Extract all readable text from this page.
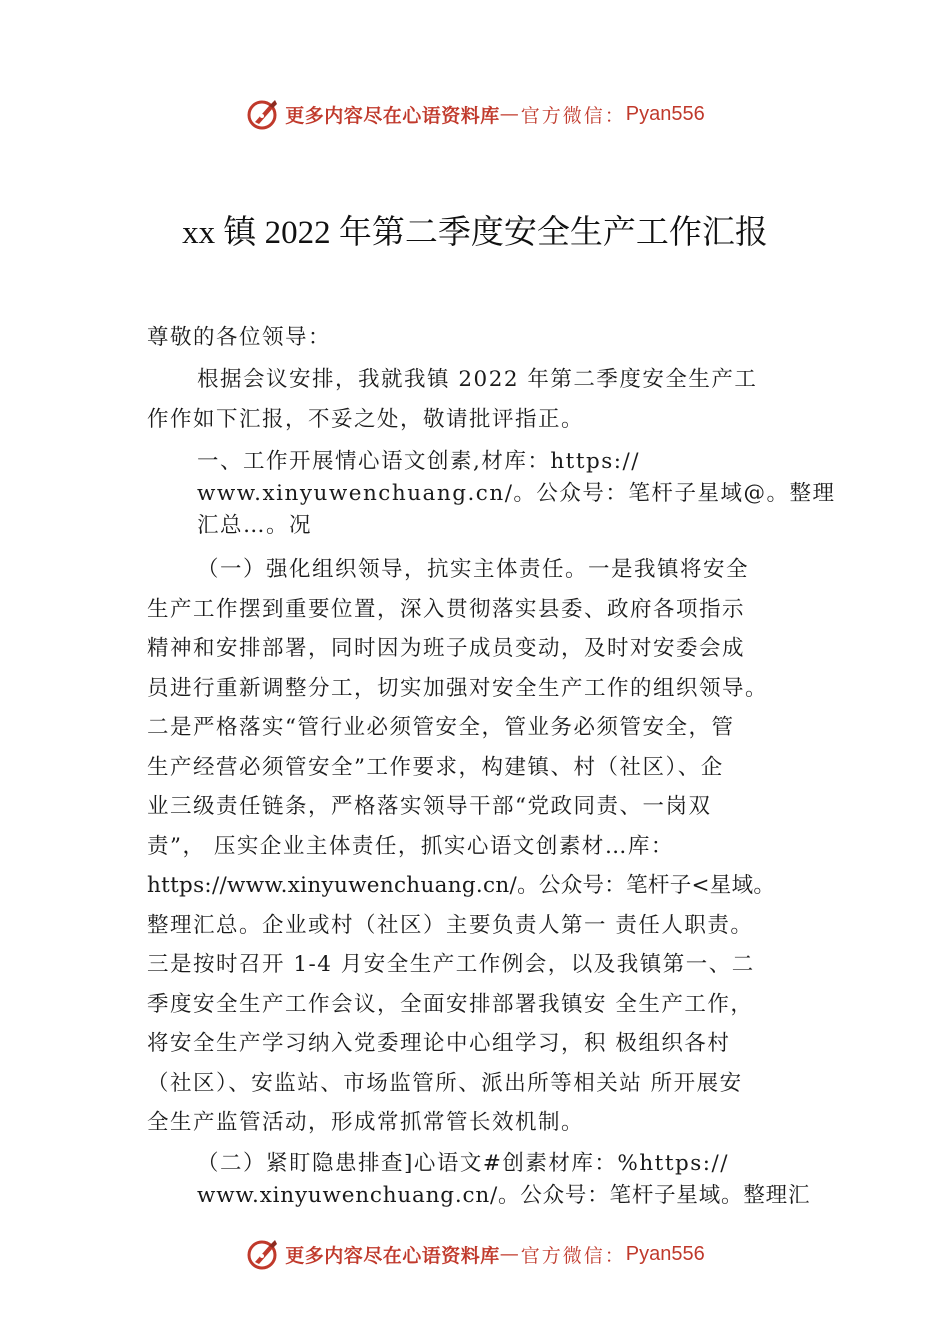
更多内容尽在心语资料库 — 官方微信： Pyan556
xx 镇 2022 年第二季度安全生产工作汇报
尊敬的各位领导：
根据会议安排，我就我镇 2022 年第二季度安全生产工
作作如下汇报，不妥之处，敬请批评指正。
一、工作开展情心语文创素,材库：https://
www.xinyuwenchuang.cn/。公众号：笔杆子星域@。整理
汇总…。况
（一）强化组织领导，抗实主体责任。一是我镇将安全
生产工作摆到重要位置，深入贯彻落实县委、政府各项指示
精神和安排部署，同时因为班子成员变动，及时对安委会成
员进行重新调整分工，切实加强对安全生产工作的组织领导。
二是严格落实“管行业必须管安全，管业务必须管安全，管
生产经营必须管安全”工作要求，构建镇、村（社区）、企
业三级责任链条，严格落实领导干部“党政同责、一岗双
责”， 压实企业主体责任，抓实心语文创素材…库：
https://www.xinyuwenchuang.cn/。公众号：笔杆子<星域。
整理汇总。企业或村（社区）主要负责人第一 责任人职责。
三是按时召开 1-4 月安全生产工作例会，以及我镇第一、二
季度安全生产工作会议，全面安排部署我镇安 全生产工作，
将安全生产学习纳入党委理论中心组学习，积 极组织各村
（社区）、安监站、市场监管所、派出所等相关站 所开展安
全生产监管活动，形成常抓常管长效机制。
（二）紧盯隐患排查]心语文#创素材库：%https://
www.xinyuwenchuang.cn/。公众号：笔杆子星域。整理汇
更多内容尽在心语资料库 — 官方微信： Pyan556
